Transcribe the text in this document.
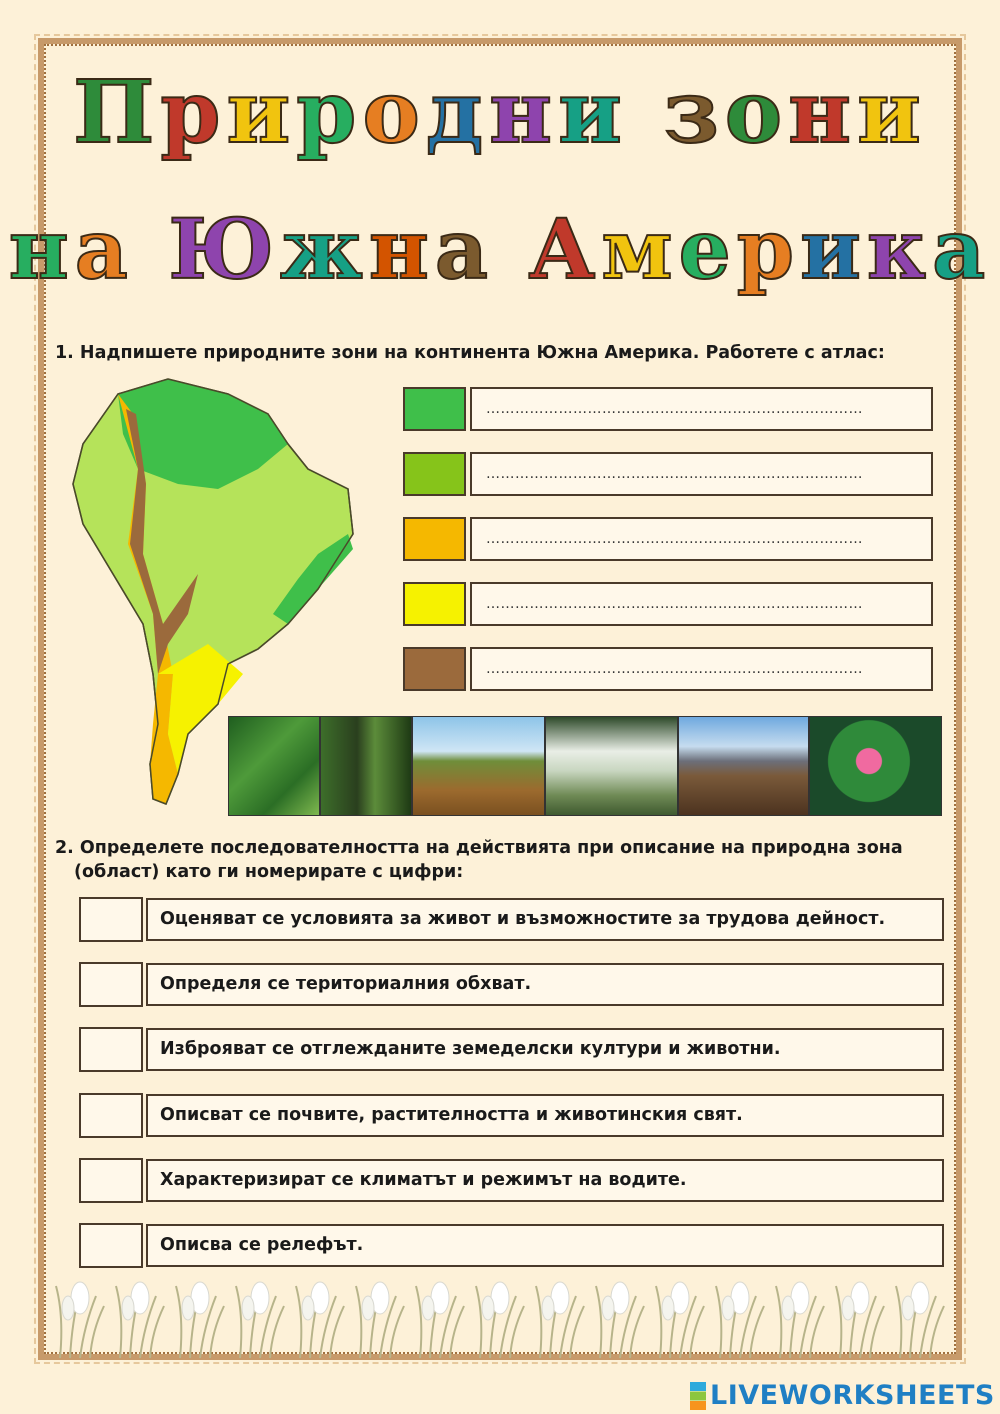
Природни зони
на Южна Америка
1. Надпишете природните зони на континента Южна Америка. Работете с атлас:
……………………………………………………………………
……………………………………………………………………
……………………………………………………………………
……………………………………………………………………
……………………………………………………………………
2. Определете последователността на действията при описание на природна зона
(област) като ги номерирате с цифри:
Оценяват се условията за живот и възможностите за трудова дейност.
Определя се териториалния обхват.
Изброяват се отглежданите земеделски култури и животни.
Описват се почвите, растителността и животинския свят.
Характеризират се климатът и режимът на водите.
Описва се релефът.
LIVEWORKSHEETS
